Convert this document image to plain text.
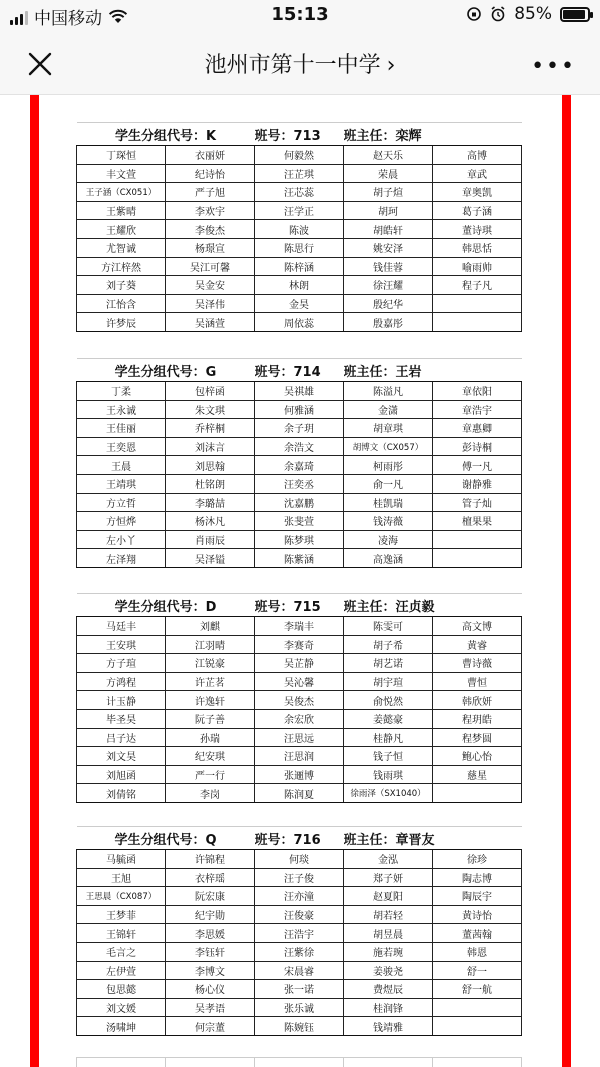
中国移动	15:13	85%
池州市第十一中学 ›	•••
学生分组代号：K		班号：713	班主任：栾辉	
丁琛恒	衣丽妍	何毅然	赵天乐	高博
丰文萱	纪诗怡	汪芷琪	荣晨	章武
王子涵（CX051）	严子旭	汪芯蕊	胡子煊	章奥凯
王紫晴	李欢宇	汪学正	胡珂	葛子涵
王耀欣	李俊杰	陈波	胡皓轩	董诗琪
尤智诚	杨璟宣	陈思行	姚安泽	韩思恬
方江梓然	吴江可馨	陈梓涵	钱佳蓉	喻雨帅
刘子葵	吴金安	林朗	徐汪耀	程子凡
江怡含	吴泽伟	金昊	殷纪华	
许梦辰	吴涵萱	周依蕊	殷嘉彤	
学生分组代号：G		班号：714	班主任：王岩	
丁柔	包梓函	吴祺雄	陈溢凡	章依阳
王永诚	朱文琪	何雅涵	金潇	章浩宇
王佳丽	乔梓桐	余子玥	胡章琪	章惠卿
王奕恩	刘沫言	余浩文	胡博文（CX057）	彭诗桐
王晨	刘思翰	余嘉琦	柯雨彤	傅一凡
王靖琪	杜铭朗	汪奕丞	俞一凡	谢静雅
方立哲	李璐喆	沈嘉鹏	桂凯瑞	管子灿
方恒烨	杨沐凡	张斐萱	钱涛薇	檀果果
左小丫	肖雨辰	陈梦琪	凌海	
左泽翔	吴泽镒	陈紫涵	高逸涵	
学生分组代号：D		班号：715	班主任：汪贞毅	
马廷丰	刘麒	李瑞丰	陈雯可	高文博
王安琪	江羽晴	李赛奇	胡子希	黄睿
方子瑄	江锐豪	吴芷静	胡艺诺	曹诗薇
方鸿程	许芷茗	吴沁馨	胡宇瑄	曹恒
计玉静	许逸轩	吴俊杰	俞悦然	韩欣妍
毕圣昊	阮子善	余宏欣	姜懿豪	程玥皓
吕子达	孙瑞	汪思远	桂静凡	程梦圆
刘文昊	纪安琪	汪思润	钱子恒	鲍心怡
刘旭函	严一行	张逦博	钱雨琪	慈星
刘倩铭	李岗	陈润夏	徐雨泽（SX1040）	
学生分组代号：Q		班号：716	班主任：章晋友	
马毓函	许锦程	何琰	金泓	徐珍
王旭	衣梓瑶	汪子俊	郑子妍	陶志博
王思晨（CX087）	阮宏康	汪亦潼	赵夏阳	陶辰宇
王梦菲	纪宇勋	汪俊豪	胡若轻	黄诗怡
王锦轩	李思媛	汪浩宇	胡昱晨	董茜翰
毛言之	李钰轩	汪紫徐	施若琬	韩恩
左伊萱	李博文	宋晨睿	姜骏尧	舒一
包思懿	杨心仪	张一诺	费煜辰	舒一航
刘文媛	吴孝语	张乐诚	桂润锋	
汤啸坤	何宗董	陈婉钰	钱靖雅	
